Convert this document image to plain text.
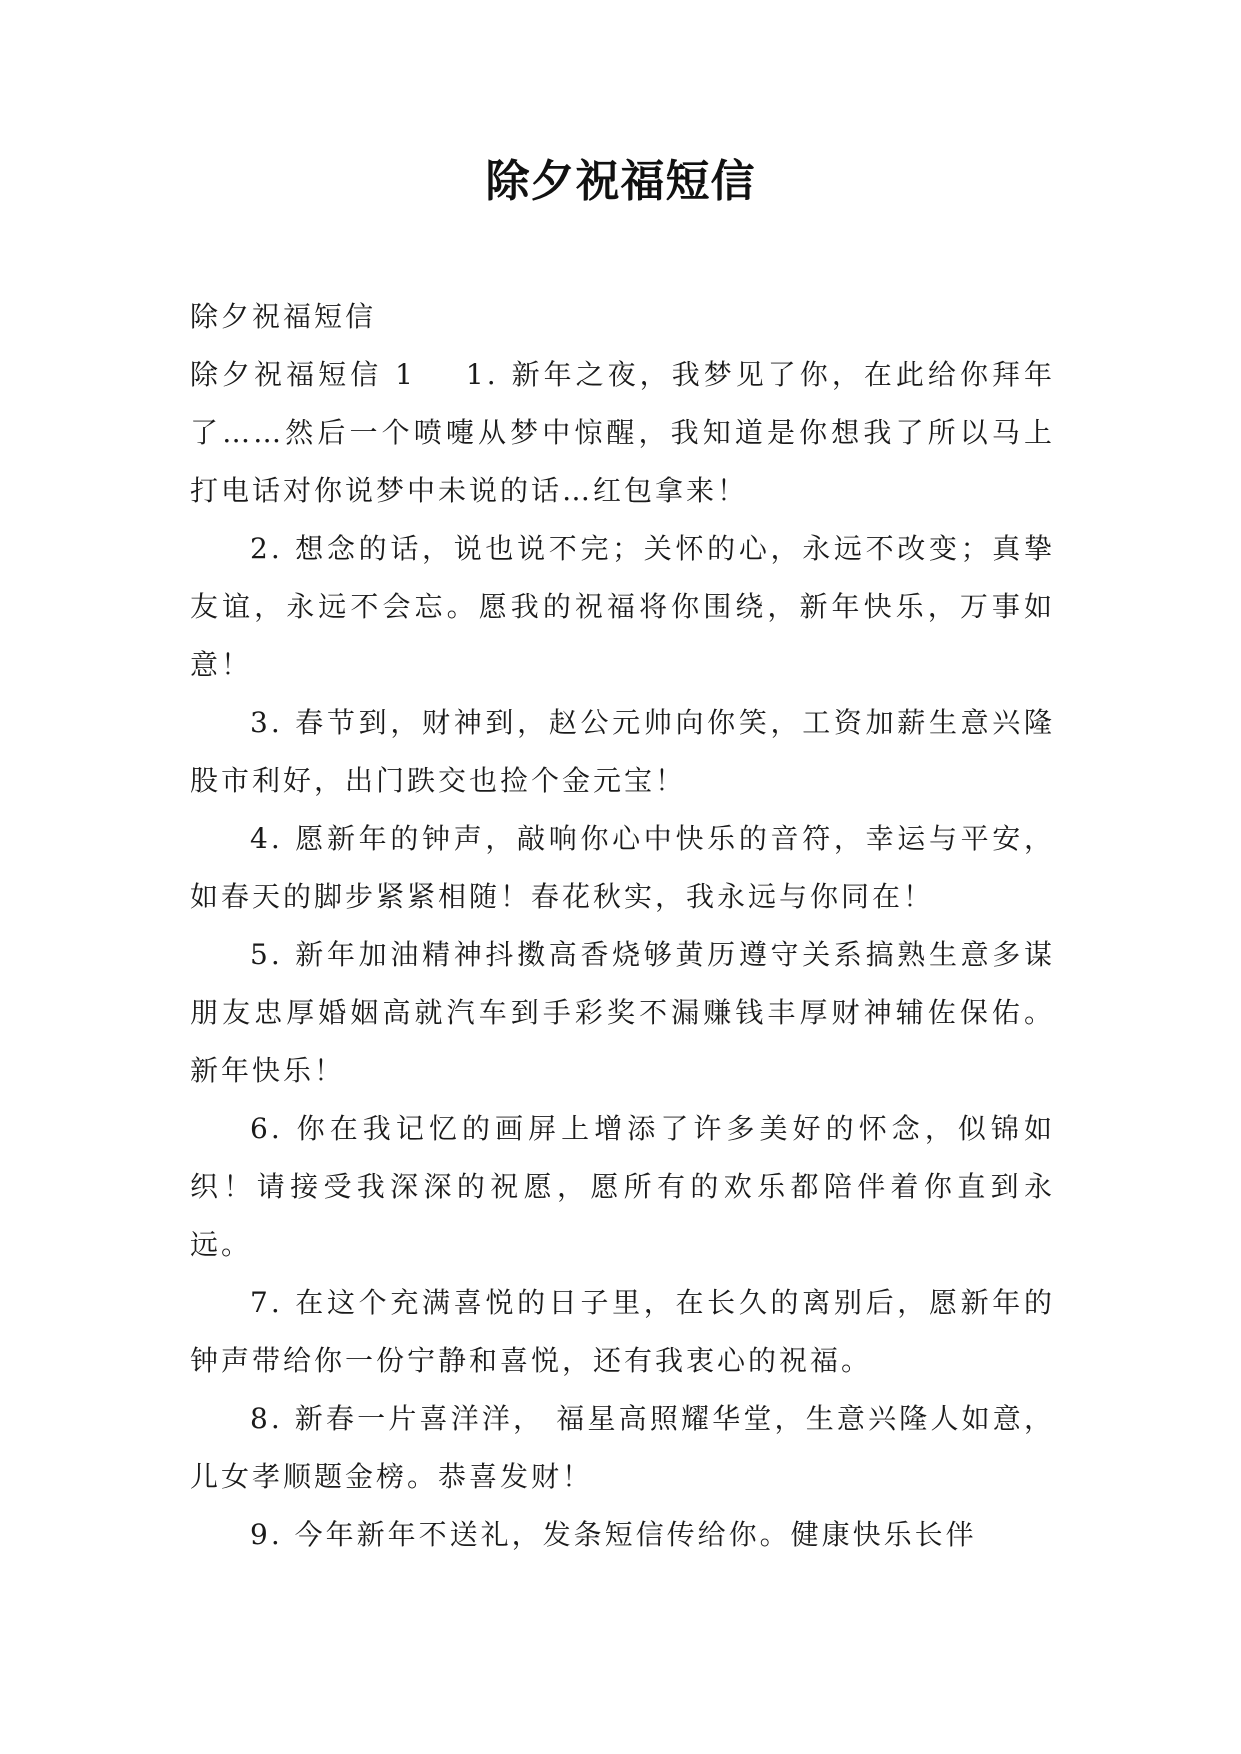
除夕祝福短信

除夕祝福短信

除夕祝福短信 1 1. 新年之夜，我梦见了你，在此给你拜年了……然后一个喷嚏从梦中惊醒，我知道是你想我了所以马上打电话对你说梦中未说的话…红包拿来！

2. 想念的话，说也说不完；关怀的心，永远不改变；真挚友谊，永远不会忘。愿我的祝福将你围绕，新年快乐，万事如意！

3. 春节到，财神到，赵公元帅向你笑，工资加薪生意兴隆股市利好，出门跌交也捡个金元宝！

4. 愿新年的钟声，敲响你心中快乐的音符，幸运与平安，如春天的脚步紧紧相随！春花秋实，我永远与你同在！

5. 新年加油精神抖擞高香烧够黄历遵守关系搞熟生意多谋朋友忠厚婚姻高就汽车到手彩奖不漏赚钱丰厚财神辅佐保佑。新年快乐！

6. 你在我记忆的画屏上增添了许多美好的怀念，似锦如织！请接受我深深的祝愿，愿所有的欢乐都陪伴着你直到永远。

7. 在这个充满喜悦的日子里，在长久的离别后，愿新年的钟声带给你一份宁静和喜悦，还有我衷心的祝福。

8. 新春一片喜洋洋， 福星高照耀华堂，生意兴隆人如意，儿女孝顺题金榜。恭喜发财！

9. 今年新年不送礼，发条短信传给你。健康快乐长伴
